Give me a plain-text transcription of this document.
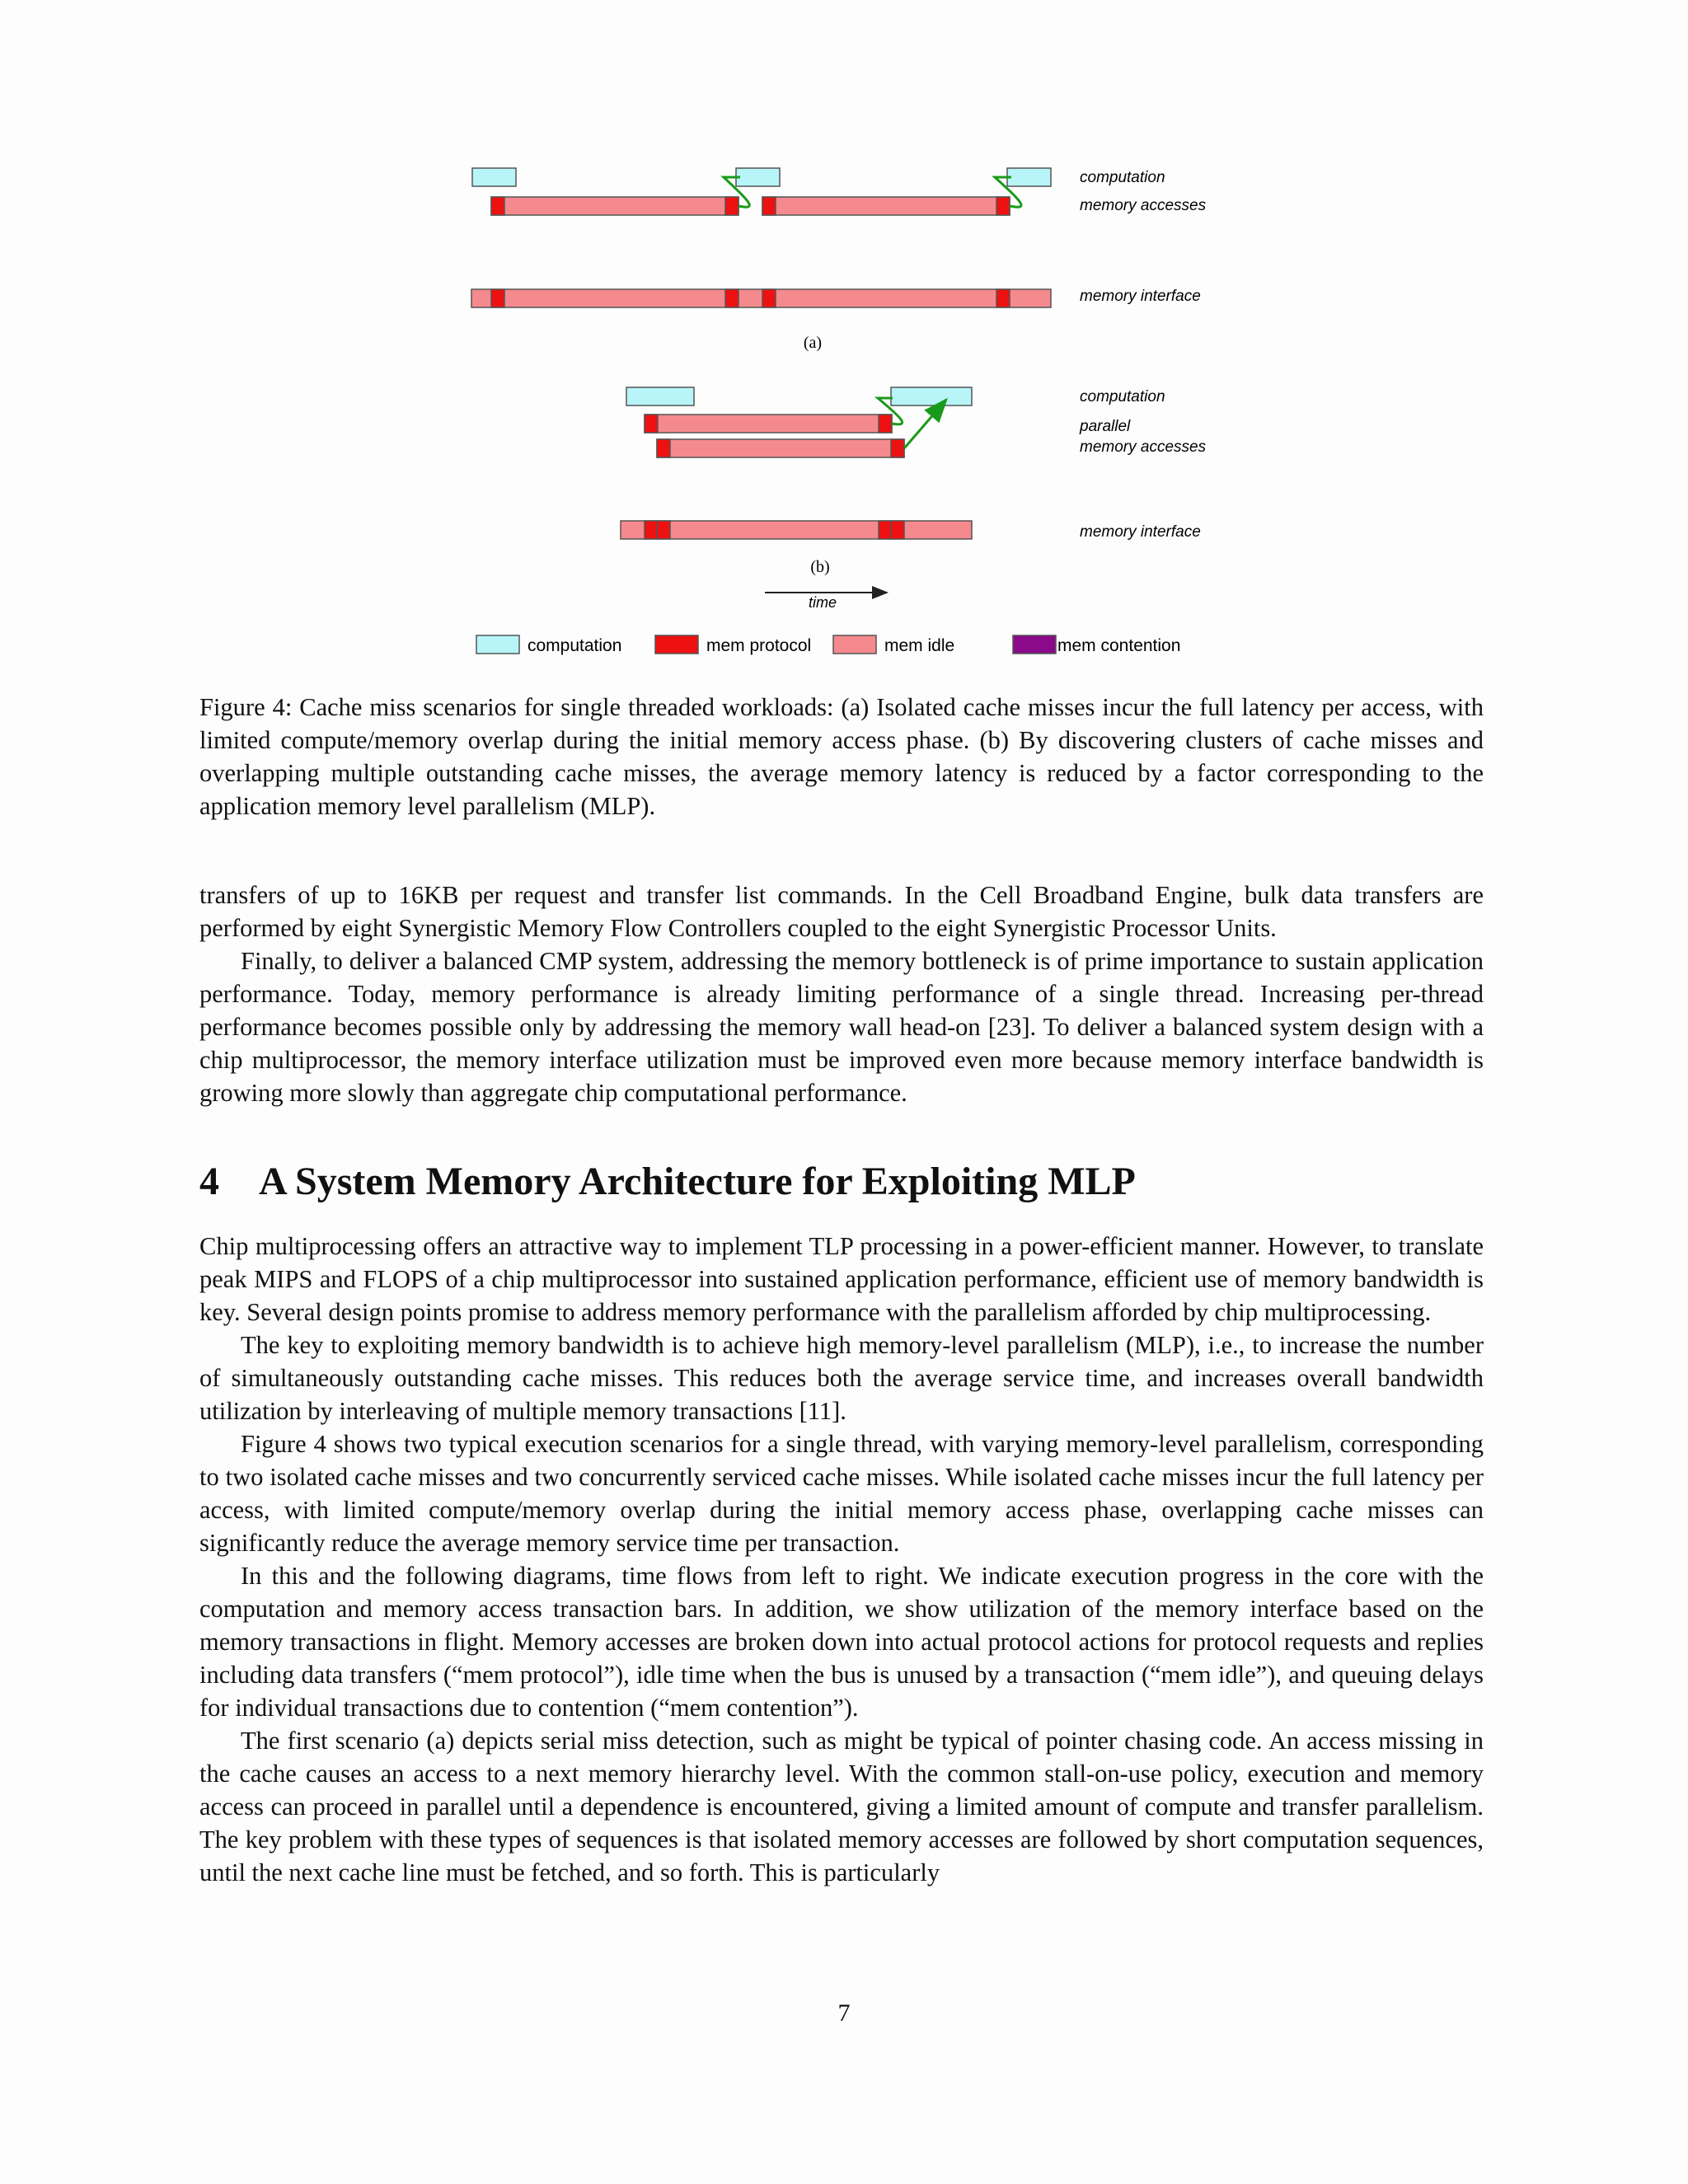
computation
memory accesses
memory interface
(a)
computation
parallel
memory accesses
memory interface
(b)
time
computation	mem protocol	mem idle	mem contention

Figure 4: Cache miss scenarios for single threaded workloads: (a) Isolated cache misses incur the full latency per access, with limited compute/memory overlap during the initial memory access phase. (b) By discovering clusters of cache misses and overlapping multiple outstanding cache misses, the average memory latency is reduced by a factor corresponding to the application memory level parallelism (MLP).

transfers of up to 16KB per request and transfer list commands. In the Cell Broadband Engine, bulk data transfers are performed by eight Synergistic Memory Flow Controllers coupled to the eight Synergistic Processor Units.

Finally, to deliver a balanced CMP system, addressing the memory bottleneck is of prime importance to sustain application performance. Today, memory performance is already limiting performance of a single thread. Increasing per-thread performance becomes possible only by addressing the memory wall head-on [23]. To deliver a balanced system design with a chip multiprocessor, the memory interface utilization must be improved even more because memory interface bandwidth is growing more slowly than aggregate chip computational performance.

4 A System Memory Architecture for Exploiting MLP

Chip multiprocessing offers an attractive way to implement TLP processing in a power-efficient manner. However, to translate peak MIPS and FLOPS of a chip multiprocessor into sustained application performance, efficient use of memory bandwidth is key. Several design points promise to address memory performance with the parallelism afforded by chip multiprocessing.

The key to exploiting memory bandwidth is to achieve high memory-level parallelism (MLP), i.e., to increase the number of simultaneously outstanding cache misses. This reduces both the average service time, and increases overall bandwidth utilization by interleaving of multiple memory transactions [11].

Figure 4 shows two typical execution scenarios for a single thread, with varying memory-level parallelism, corresponding to two isolated cache misses and two concurrently serviced cache misses. While isolated cache misses incur the full latency per access, with limited compute/memory overlap during the initial memory access phase, overlapping cache misses can significantly reduce the average memory service time per transaction.

In this and the following diagrams, time flows from left to right. We indicate execution progress in the core with the computation and memory access transaction bars. In addition, we show utilization of the memory interface based on the memory transactions in flight. Memory accesses are broken down into actual protocol actions for protocol requests and replies including data transfers (“mem protocol”), idle time when the bus is unused by a transaction (“mem idle”), and queuing delays for individual transactions due to contention (“mem contention”).

The first scenario (a) depicts serial miss detection, such as might be typical of pointer chasing code. An access missing in the cache causes an access to a next memory hierarchy level. With the common stall-on-use policy, execution and memory access can proceed in parallel until a dependence is encountered, giving a limited amount of compute and transfer parallelism. The key problem with these types of sequences is that isolated memory accesses are followed by short computation sequences, until the next cache line must be fetched, and so forth. This is particularly

7
